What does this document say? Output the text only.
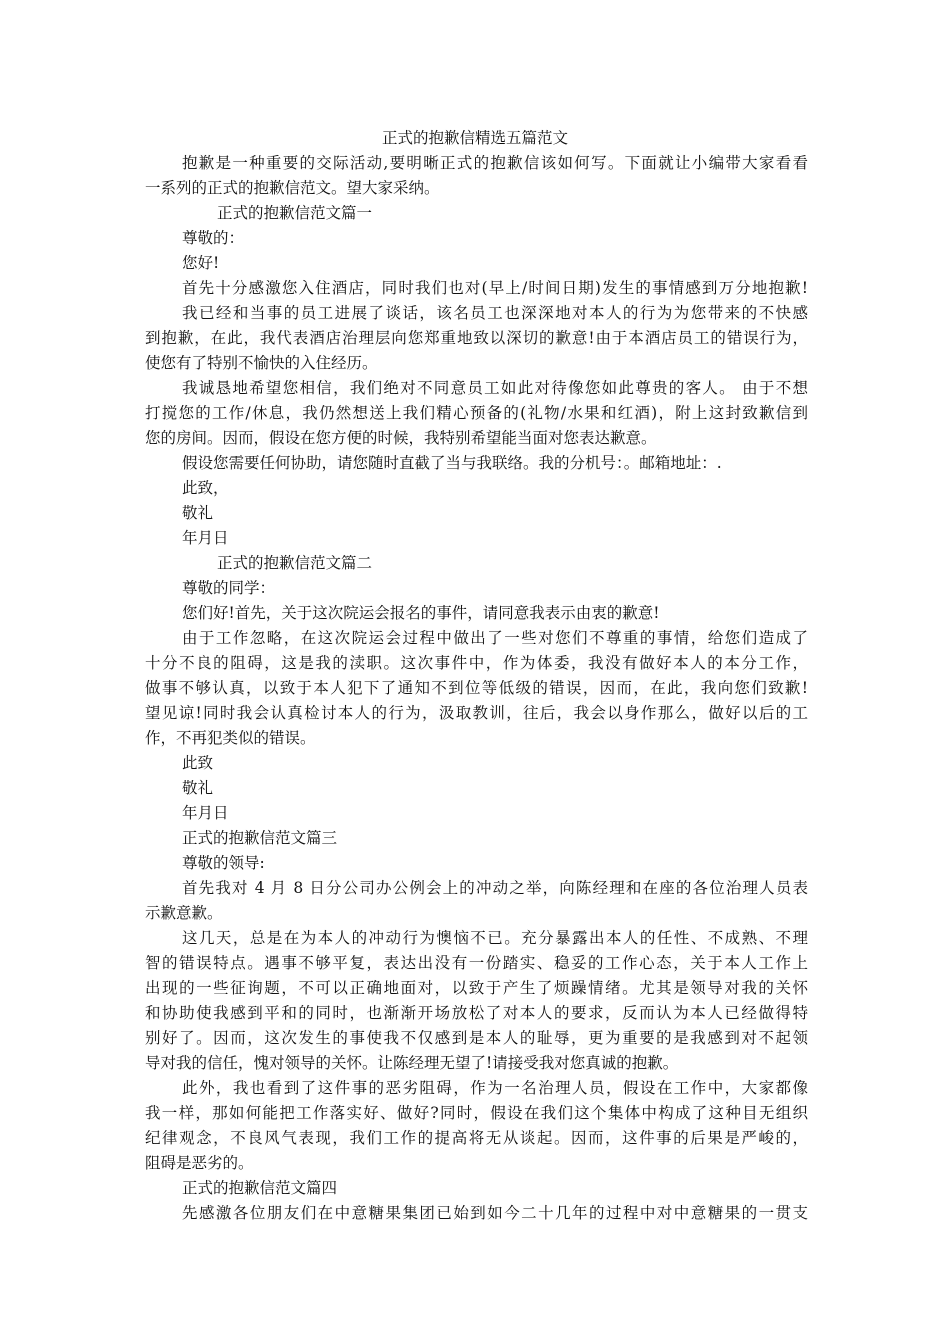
正式的抱歉信精选五篇范文
抱歉是一种重要的交际活动,要明晰正式的抱歉信该如何写。下面就让小编带大家看看
一系列的正式的抱歉信范文。望大家采纳。
正式的抱歉信范文篇一
尊敬的：
您好!
首先十分感激您入住酒店，同时我们也对(早上/时间日期)发生的事情感到万分地抱歉!
我已经和当事的员工进展了谈话，该名员工也深深地对本人的行为为您带来的不快感
到抱歉，在此，我代表酒店治理层向您郑重地致以深切的歉意!由于本酒店员工的错误行为，
使您有了特别不愉快的入住经历。
我诚恳地希望您相信，我们绝对不同意员工如此对待像您如此尊贵的客人。 由于不想
打搅您的工作/休息，我仍然想送上我们精心预备的(礼物/水果和红酒)，附上这封致歉信到
您的房间。因而，假设在您方便的时候，我特别希望能当面对您表达歉意。
假设您需要任何协助，请您随时直截了当与我联络。我的分机号：。邮箱地址：.
此致，
敬礼
年月日
正式的抱歉信范文篇二
尊敬的同学：
您们好!首先，关于这次院运会报名的事件，请同意我表示由衷的歉意!
由于工作忽略，在这次院运会过程中做出了一些对您们不尊重的事情，给您们造成了
十分不良的阻碍，这是我的渎职。这次事件中，作为体委，我没有做好本人的本分工作，
做事不够认真，以致于本人犯下了通知不到位等低级的错误，因而，在此，我向您们致歉!
望见谅!同时我会认真检讨本人的行为，汲取教训，往后，我会以身作那么，做好以后的工
作，不再犯类似的错误。
此致
敬礼
年月日
正式的抱歉信范文篇三
尊敬的领导:
首先我对 4 月 8 日分公司办公例会上的冲动之举，向陈经理和在座的各位治理人员表
示歉意歉。
这几天，总是在为本人的冲动行为懊恼不已。充分暴露出本人的任性、不成熟、不理
智的错误特点。遇事不够平复，表达出没有一份踏实、稳妥的工作心态，关于本人工作上
出现的一些征询题，不可以正确地面对，以致于产生了烦躁情绪。尤其是领导对我的关怀
和协助使我感到平和的同时，也渐渐开场放松了对本人的要求，反而认为本人已经做得特
别好了。因而，这次发生的事使我不仅感到是本人的耻辱，更为重要的是我感到对不起领
导对我的信任，愧对领导的关怀。让陈经理无望了!请接受我对您真诚的抱歉。
此外，我也看到了这件事的恶劣阻碍，作为一名治理人员，假设在工作中，大家都像
我一样，那如何能把工作落实好、做好?同时，假设在我们这个集体中构成了这种目无组织
纪律观念，不良风气表现，我们工作的提高将无从谈起。因而，这件事的后果是严峻的，
阻碍是恶劣的。
正式的抱歉信范文篇四
先感激各位朋友们在中意糖果集团已始到如今二十几年的过程中对中意糖果的一贯支
